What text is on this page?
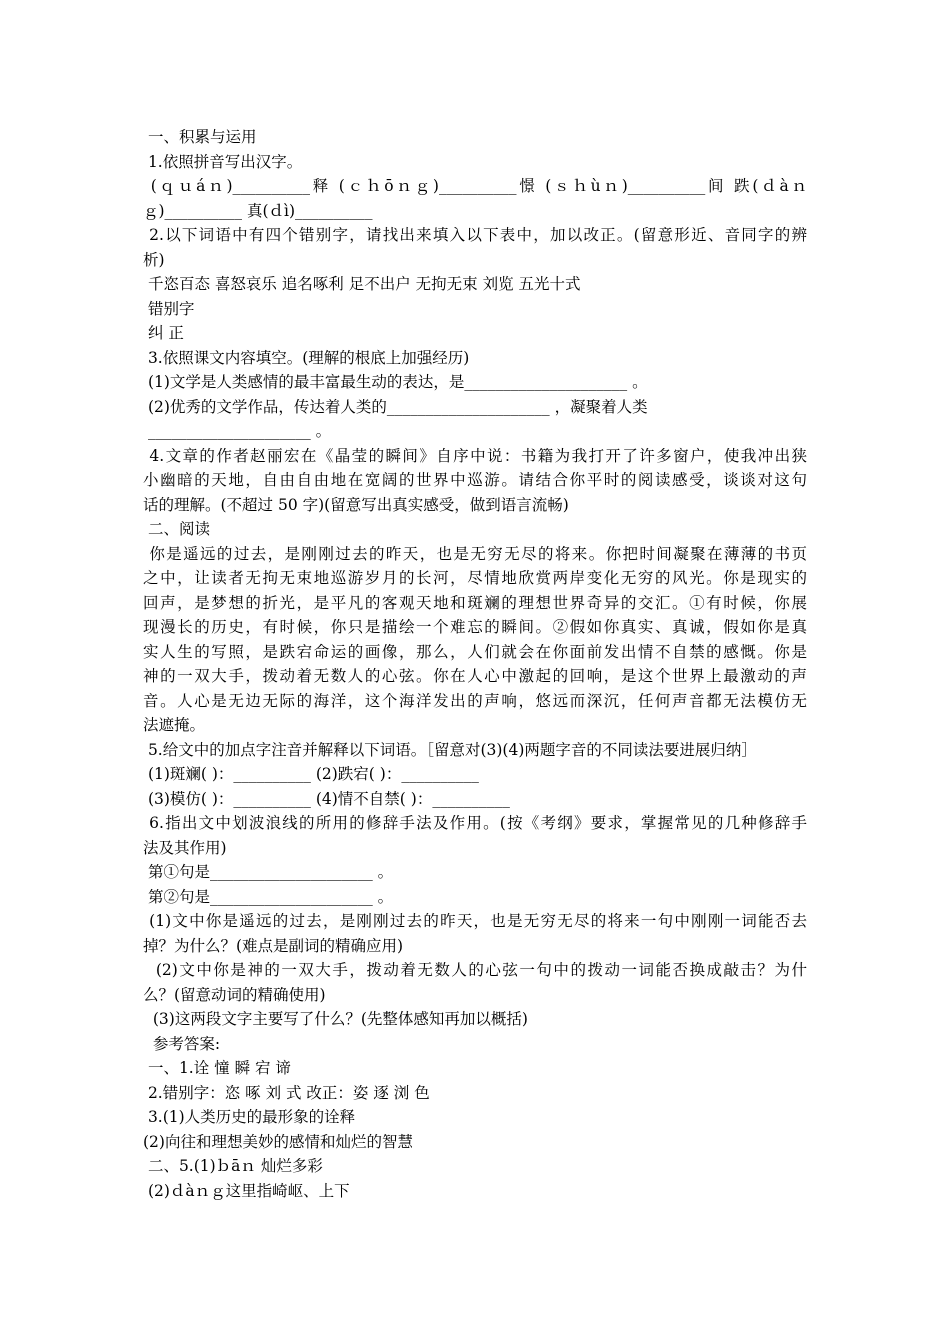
一、积累与运用

1.依照拼音写出汉字。

(ｑｕáｎ)__________释 (ｃｈōｎｇ)__________憬 (ｓｈùｎ)__________间 跌(ｄàｎ

ｇ)__________ 真(ｄì)__________

2.以下词语中有四个错别字，请找出来填入以下表中，加以改正。(留意形近、音同字的辨

析)

千恣百态 喜怒哀乐 追名啄利 足不出户 无拘无束 刘览 五光十式

错别字

纠 正

3.依照课文内容填空。(理解的根底上加强经历)

(1)文学是人类感情的最丰富最生动的表达，是_____________________ 。

(2)优秀的文学作品，传达着人类的_____________________ ，凝聚着人类

_____________________ 。

4.文章的作者赵丽宏在《晶莹的瞬间》自序中说：书籍为我打开了许多窗户，使我冲出狭

小幽暗的天地，自由自由地在宽阔的世界中巡游。请结合你平时的阅读感受，谈谈对这句

话的理解。(不超过 50 字)(留意写出真实感受，做到语言流畅)

二、阅读

你是遥远的过去，是刚刚过去的昨天，也是无穷无尽的将来。你把时间凝聚在薄薄的书页

之中，让读者无拘无束地巡游岁月的长河，尽情地欣赏两岸变化无穷的风光。你是现实的

回声，是梦想的折光，是平凡的客观天地和斑斓的理想世界奇异的交汇。①有时候，你展

现漫长的历史，有时候，你只是描绘一个难忘的瞬间。②假如你真实、真诚，假如你是真

实人生的写照，是跌宕命运的画像，那么，人们就会在你面前发出情不自禁的感慨。你是

神的一双大手，拨动着无数人的心弦。你在人心中激起的回响，是这个世界上最激动的声

音。人心是无边无际的海洋，这个海洋发出的声响，悠远而深沉，任何声音都无法模仿无

法遮掩。

5.给文中的加点字注音并解释以下词语。［留意对(3)(4)两题字音的不同读法要进展归纳］

(1)斑斓( )：__________ (2)跌宕( )：__________

(3)模仿( )：__________ (4)情不自禁( )：__________

6.指出文中划波浪线的所用的修辞手法及作用。(按《考纲》要求，掌握常见的几种修辞手

法及其作用)

第①句是_____________________ 。

第②句是_____________________ 。

(1)文中你是遥远的过去，是刚刚过去的昨天，也是无穷无尽的将来一句中刚刚一词能否去

掉？为什么？(难点是副词的精确应用)

(2)文中你是神的一双大手，拨动着无数人的心弦一句中的拨动一词能否换成敲击？为什

么？(留意动词的精确使用)

(3)这两段文字主要写了什么？(先整体感知再加以概括)

参考答案:

一、1.诠 憧 瞬 宕 谛

2.错别字：恣 啄 刘 式 改正：姿 逐 浏 色

3.(1)人类历史的最形象的诠释

(2)向往和理想美妙的感情和灿烂的智慧

二、5.(1)ｂāｎ 灿烂多彩

(2)ｄàｎｇ这里指崎岖、上下
